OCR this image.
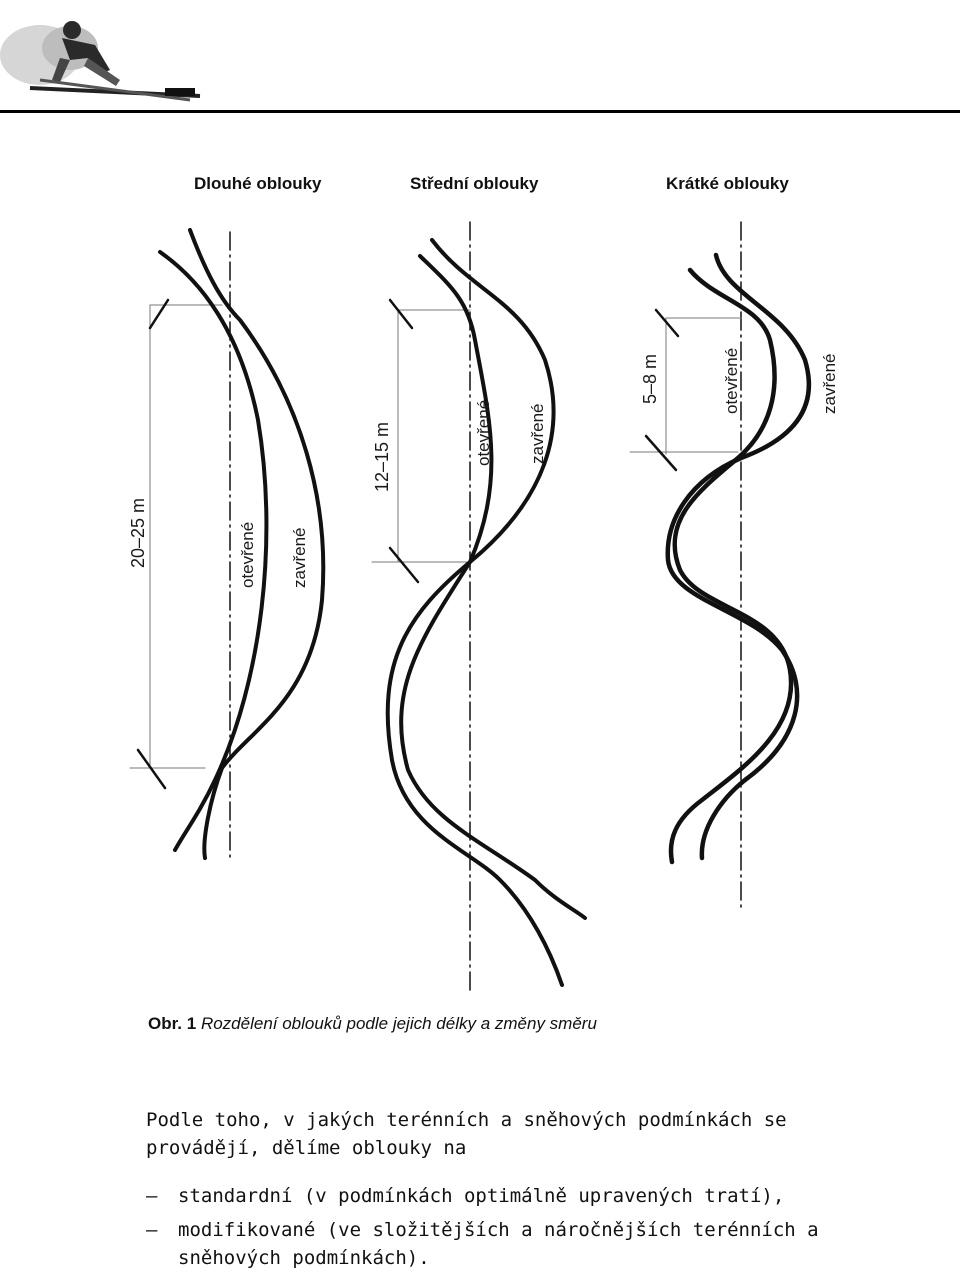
Dlouhé oblouky	Střední oblouky	Krátké oblouky
20–25 m	otevřené zavřené
12–15 m	otevřené zavřené
5–8 m	otevřené	zavřené
Obr. 1 Rozdělení oblouků podle jejich délky a změny směru

Podle toho, v jakých terénních a sněhových podmínkách se provádějí, dělíme oblouky na

– standardní (v podmínkách optimálně upravených tratí),
– modifikované (ve složitějších a náročnějších terénních a sněhových podmínkách).
